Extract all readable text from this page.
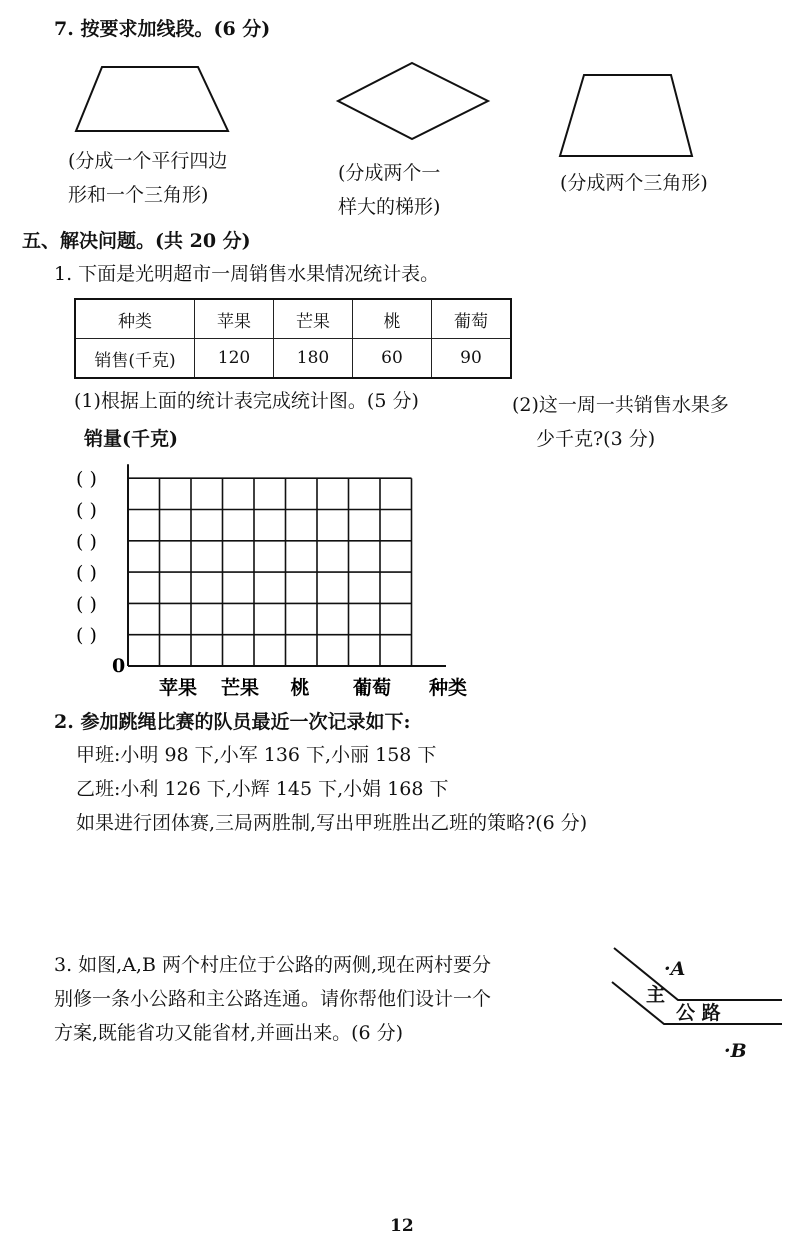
7. 按要求加线段。(6 分)
(分成一个平行四边
形和一个三角形)
(分成两个一
样大的梯形)
(分成两个三角形)
五、解决问题。(共 20 分)
1. 下面是光明超市一周销售水果情况统计表。
种类	苹果	芒果	桃	葡萄
销售(千克)	120	180	60	90
(1)根据上面的统计表完成统计图。(5 分)	(2)这一周一共销售水果多
少千克?(3 分)
销量(千克)
( )
( )
( )
( )
( )
( )
0
苹果 芒果 桃 葡萄 种类
2. 参加跳绳比赛的队员最近一次记录如下:
甲班:小明 98 下,小军 136 下,小丽 158 下
乙班:小利 126 下,小辉 145 下,小娟 168 下
如果进行团体赛,三局两胜制,写出甲班胜出乙班的策略?(6 分)
3. 如图,A,B 两个村庄位于公路的两侧,现在两村要分
别修一条小公路和主公路连通。请你帮他们设计一个
方案,既能省功又能省材,并画出来。(6 分)
·A
·B
主
公 路
12
